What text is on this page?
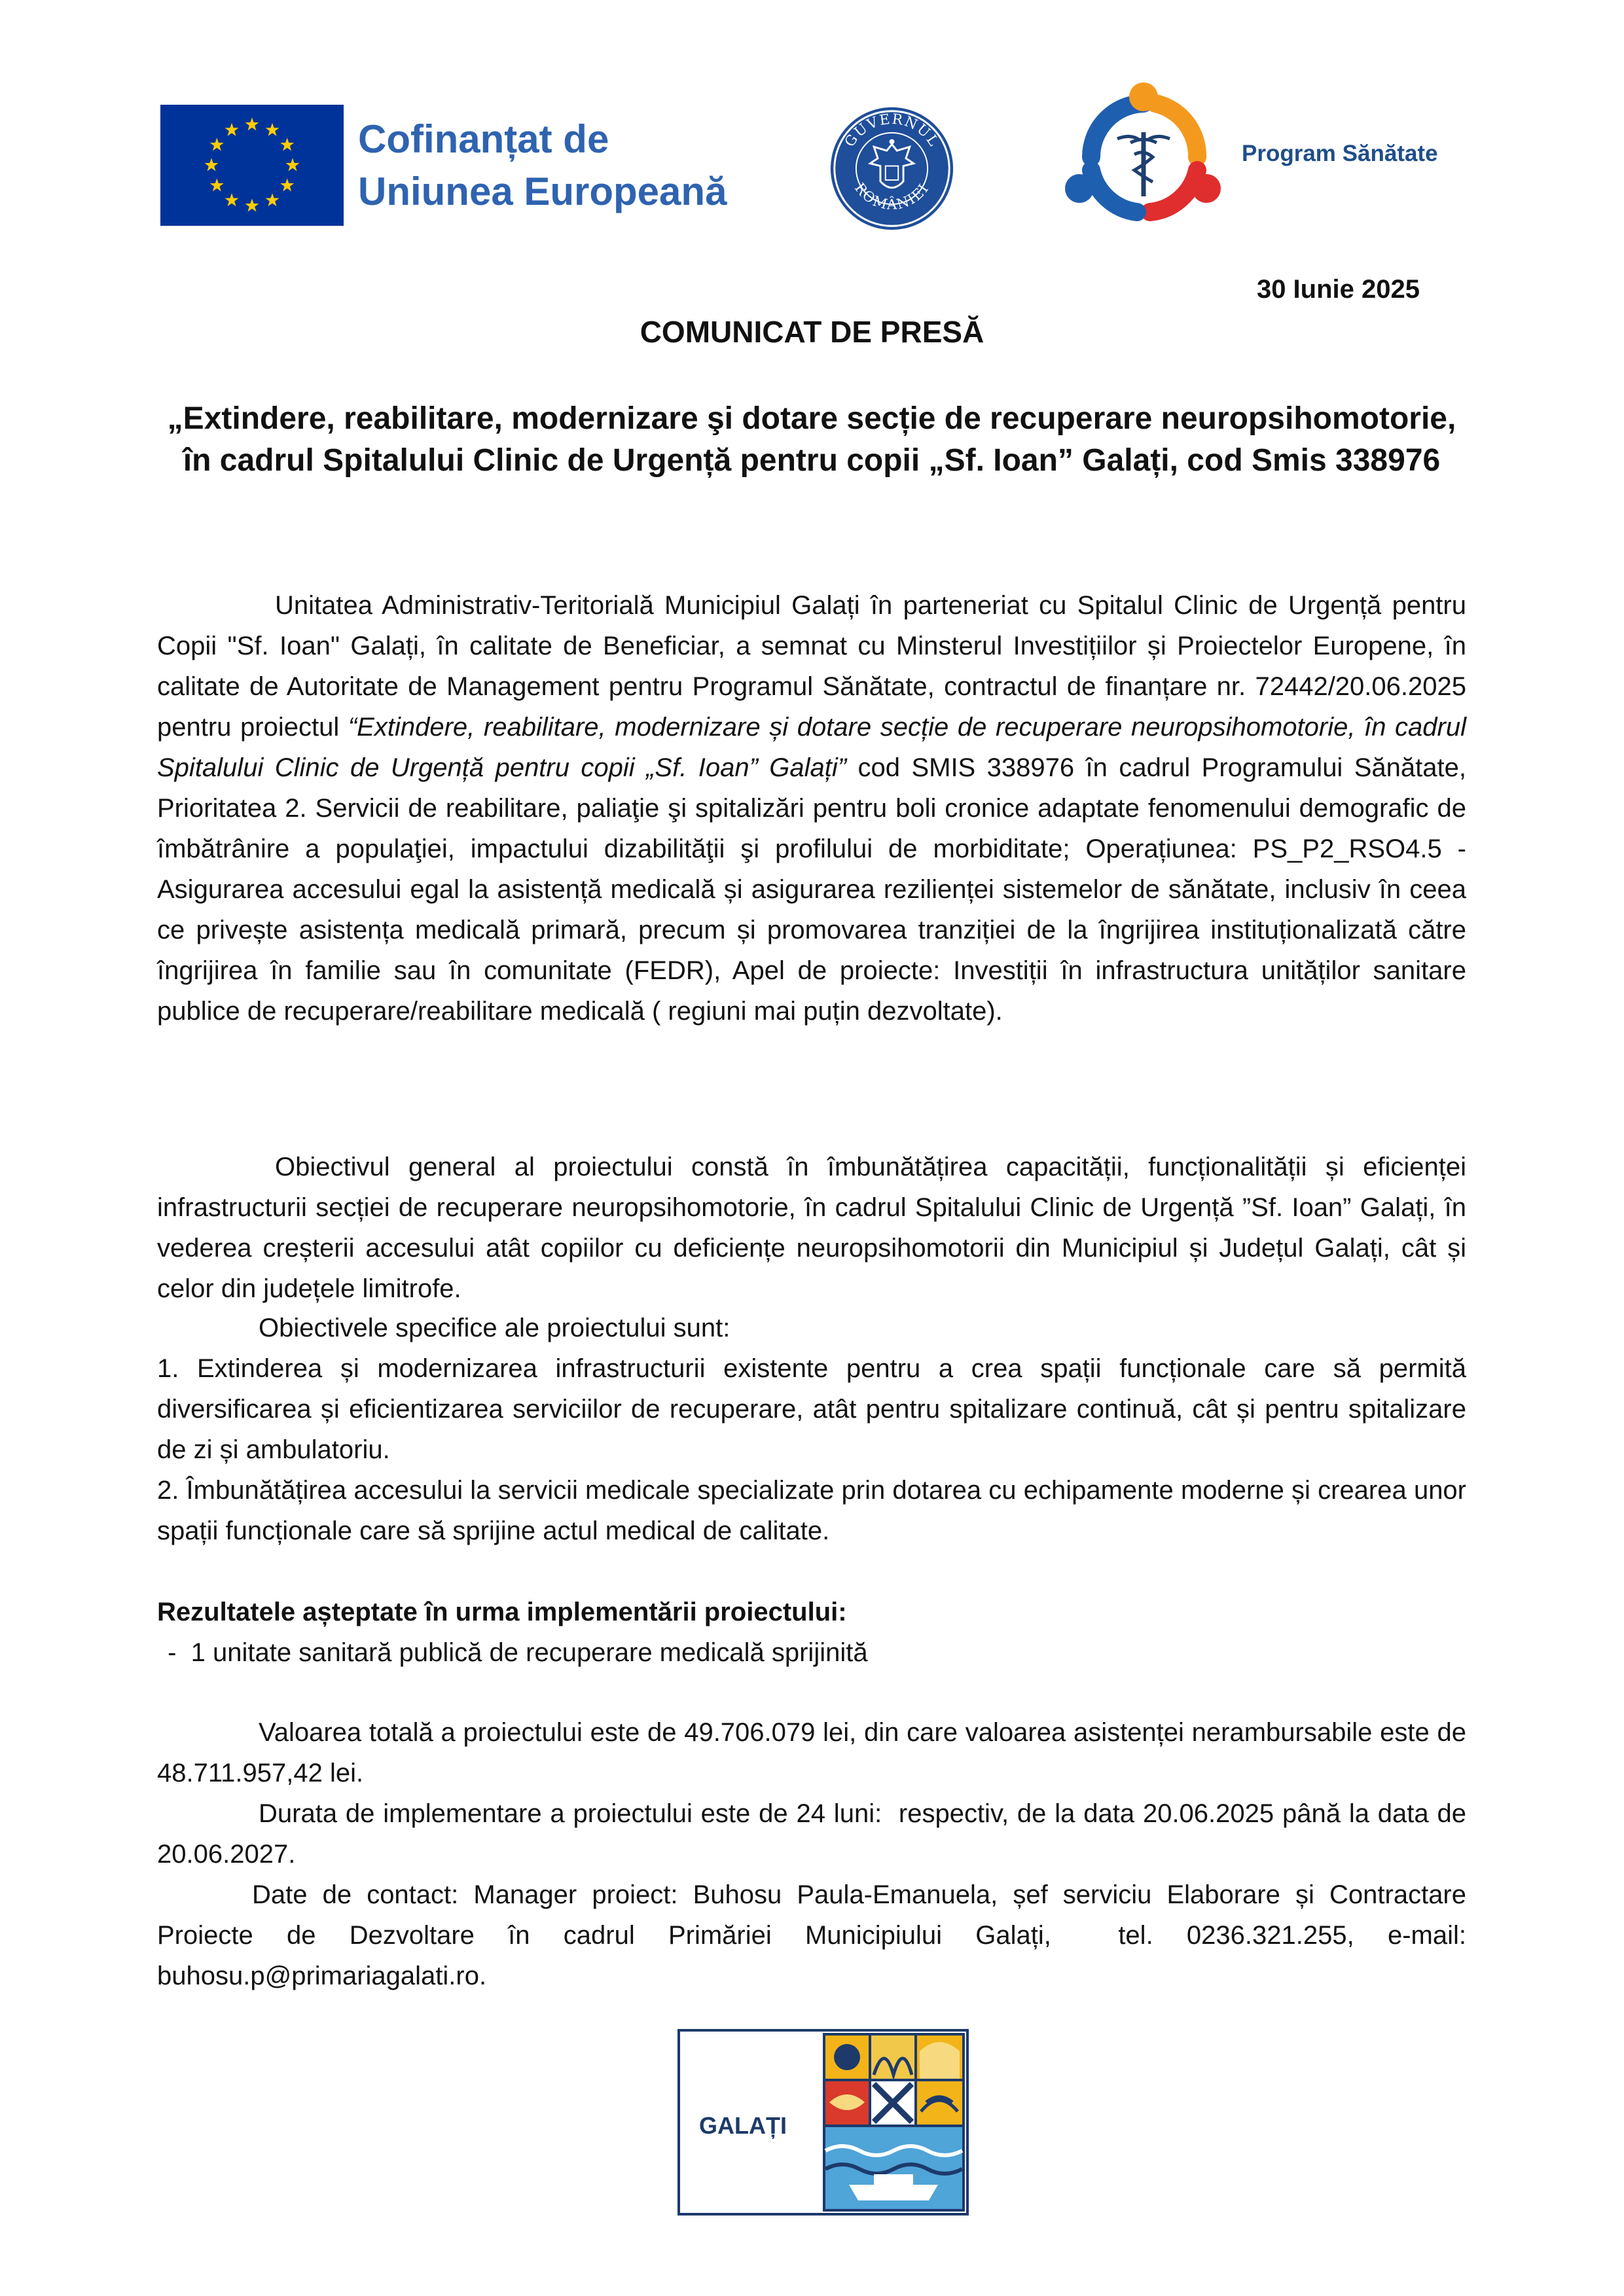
Cofinanțat de
Uniunea Europeană
GUVERNUL
ROMÂNIEI
Program Sănătate
30 Iunie 2025
COMUNICAT DE PRESĂ
„Extindere, reabilitare, modernizare şi dotare secție de recuperare neuropsihomotorie, în cadrul Spitalului Clinic de Urgență pentru copii „Sf. Ioan” Galați, cod Smis 338976

Unitatea Administrativ-Teritorială Municipiul Galați în parteneriat cu Spitalul Clinic de Urgență pentru Copii "Sf. Ioan" Galați, în calitate de Beneficiar, a semnat cu Minsterul Investițiilor și Proiectelor Europene, în calitate de Autoritate de Management pentru Programul Sănătate, contractul de finanțare nr. 72442/20.06.2025 pentru proiectul “Extindere, reabilitare, modernizare și dotare secție de recuperare neuropsihomotorie, în cadrul Spitalului Clinic de Urgență pentru copii „Sf. Ioan” Galați” cod SMIS 338976 în cadrul Programului Sănătate, Prioritatea 2. Servicii de reabilitare, paliaţie şi spitalizări pentru boli cronice adaptate fenomenului demografic de îmbătrânire a populaţiei, impactului dizabilităţii şi profilului de morbiditate; Operațiunea: PS_P2_RSO4.5 - Asigurarea accesului egal la asistență medicală și asigurarea rezilienței sistemelor de sănătate, inclusiv în ceea ce privește asistența medicală primară, precum și promovarea tranziției de la îngrijirea instituționalizată către îngrijirea în familie sau în comunitate (FEDR), Apel de proiecte: Investiții în infrastructura unităților sanitare publice de recuperare/reabilitare medicală ( regiuni mai puțin dezvoltate).

Obiectivul general al proiectului constă în îmbunătățirea capacității, funcționalității și eficienței infrastructurii secției de recuperare neuropsihomotorie, în cadrul Spitalului Clinic de Urgență ”Sf. Ioan” Galați, în vederea creșterii accesului atât copiilor cu deficiențe neuropsihomotorii din Municipiul și Județul Galați, cât și celor din județele limitrofe.

Obiectivele specifice ale proiectului sunt:

1. Extinderea și modernizarea infrastructurii existente pentru a crea spații funcționale care să permită diversificarea și eficientizarea serviciilor de recuperare, atât pentru spitalizare continuă, cât și pentru spitalizare de zi și ambulatoriu.

2. Îmbunătățirea accesului la servicii medicale specializate prin dotarea cu echipamente moderne și crearea unor spații funcționale care să sprijine actul medical de calitate.

Rezultatele așteptate în urma implementării proiectului:
-  1 unitate sanitară publică de recuperare medicală sprijinită

Valoarea totală a proiectului este de 49.706.079 lei, din care valoarea asistenței nerambursabile este de 48.711.957,42 lei.

Durata de implementare a proiectului este de 24 luni:  respectiv, de la data 20.06.2025 până la data de 20.06.2027.

Date de contact: Manager proiect: Buhosu Paula-Emanuela, șef serviciu Elaborare și Contractare Proiecte de Dezvoltare în cadrul Primăriei Municipiului Galați,  tel. 0236.321.255, e-mail: buhosu.p@primariagalati.ro.

GALAȚI
